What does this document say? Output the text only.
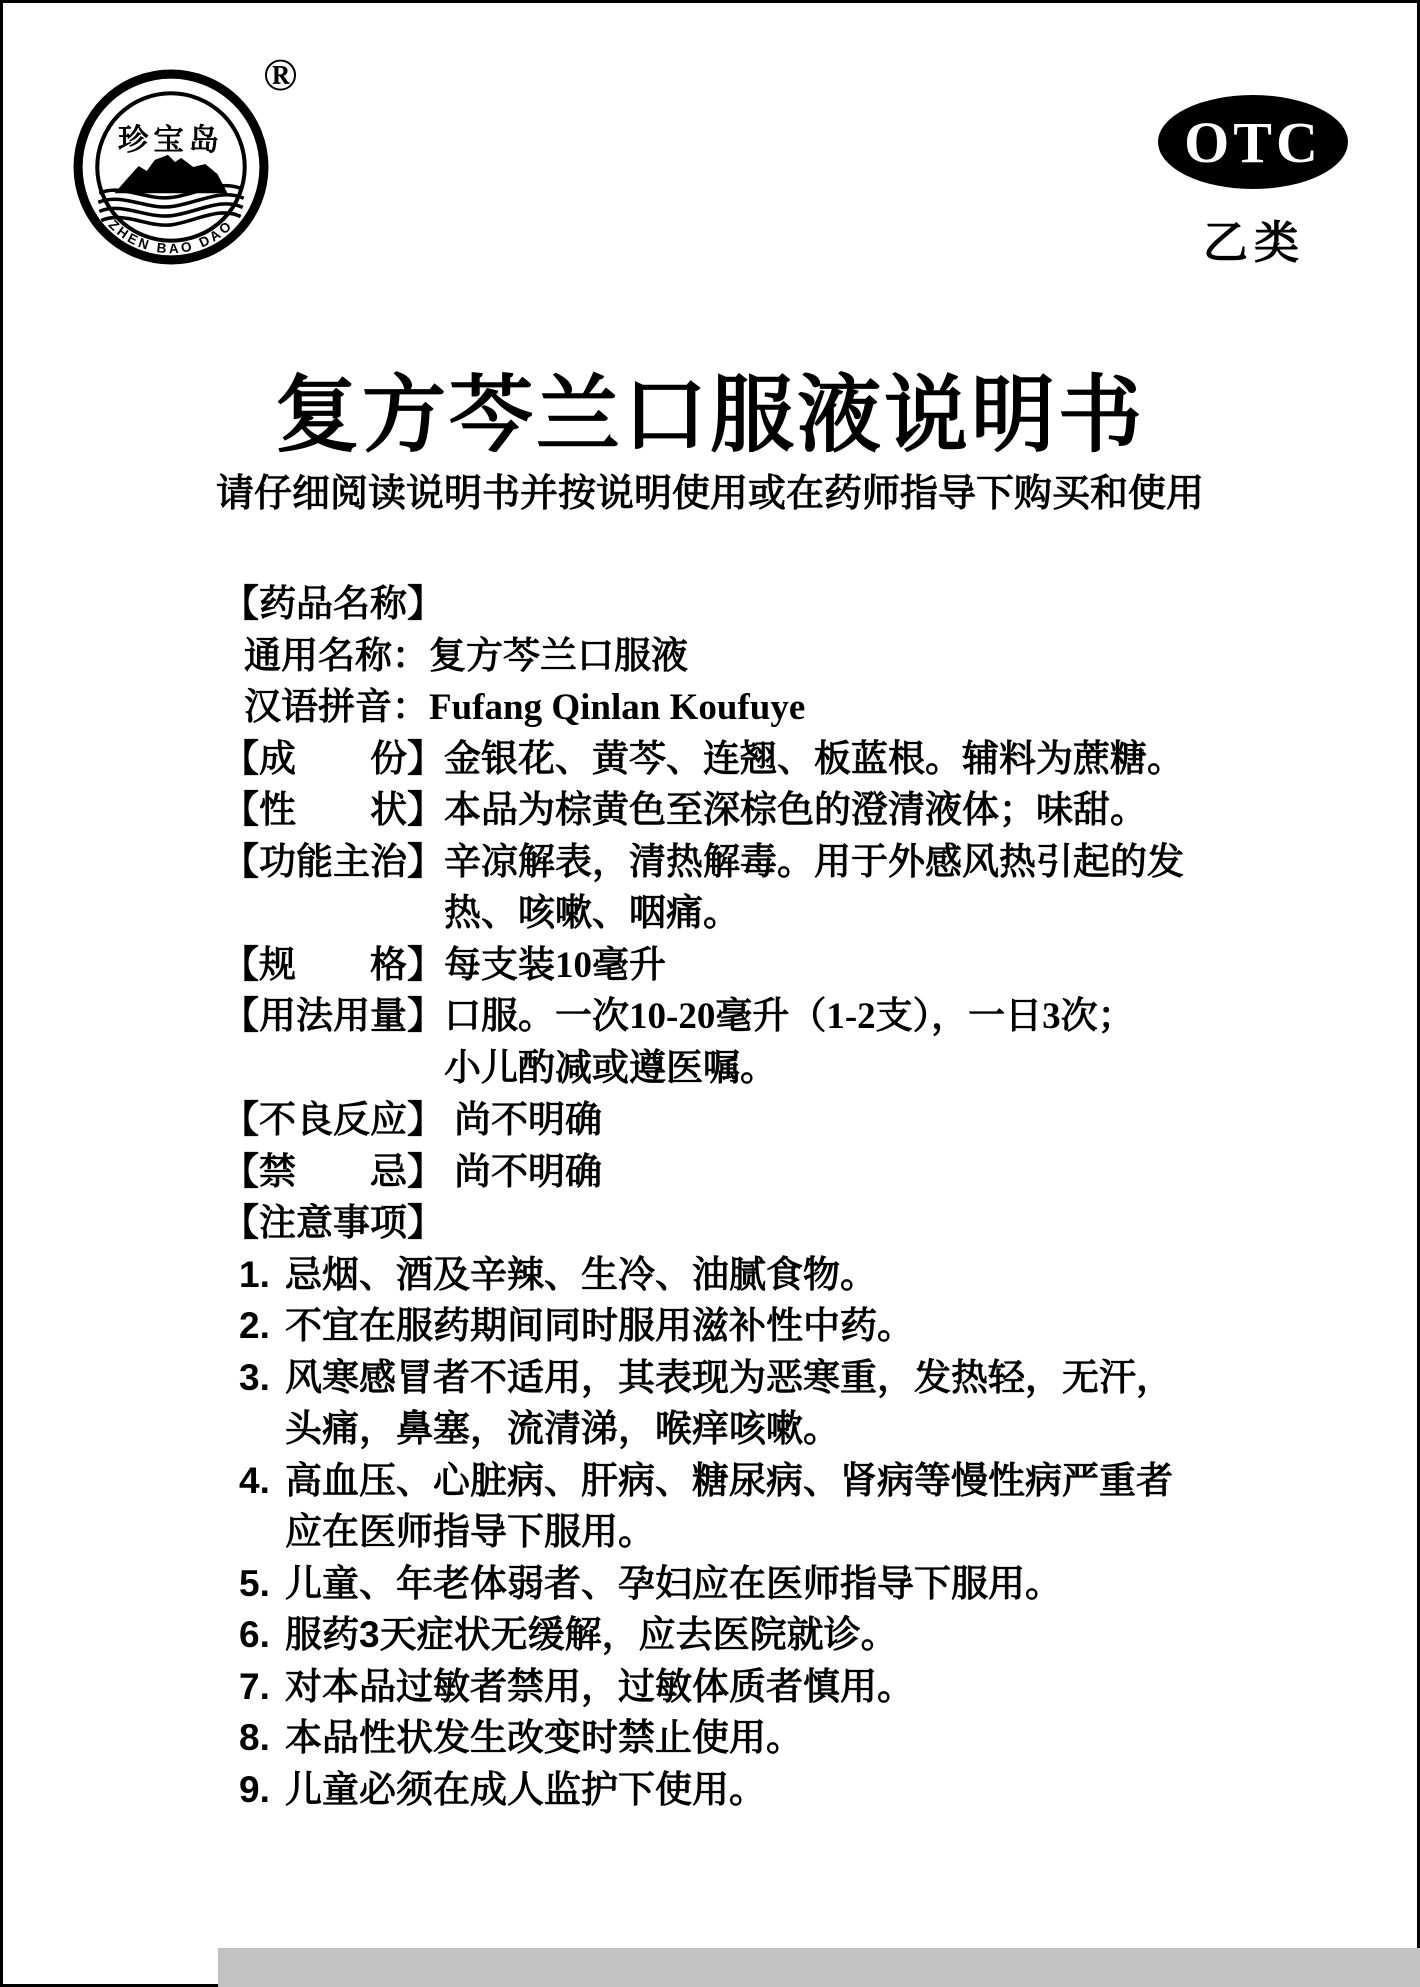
珍宝岛
ZHEN BAO DAO
®
OTC
乙类
复方芩兰口服液说明书
请仔细阅读说明书并按说明使用或在药师指导下购买和使用
【药品名称】
通用名称：复方芩兰口服液
汉语拼音：Fufang Qinlan Koufuye
【成　　份】金银花、黄芩、连翘、板蓝根。辅料为蔗糖。
【性　　状】本品为棕黄色至深棕色的澄清液体；味甜。
【功能主治】辛凉解表，清热解毒。用于外感风热引起的发
热、咳嗽、咽痛。
【规　　格】每支装10毫升
【用法用量】口服。一次10-20毫升（1-2支），一日3次；
小儿酌减或遵医嘱。
【不良反应】 尚不明确
【禁　　忌】 尚不明确
【注意事项】
1. 忌烟、酒及辛辣、生冷、油腻食物。
2. 不宜在服药期间同时服用滋补性中药。
3. 风寒感冒者不适用，其表现为恶寒重，发热轻，无汗，
头痛，鼻塞，流清涕，喉痒咳嗽。
4. 高血压、心脏病、肝病、糖尿病、肾病等慢性病严重者
应在医师指导下服用。
5. 儿童、年老体弱者、孕妇应在医师指导下服用。
6. 服药3天症状无缓解，应去医院就诊。
7. 对本品过敏者禁用，过敏体质者慎用。
8. 本品性状发生改变时禁止使用。
9. 儿童必须在成人监护下使用。
